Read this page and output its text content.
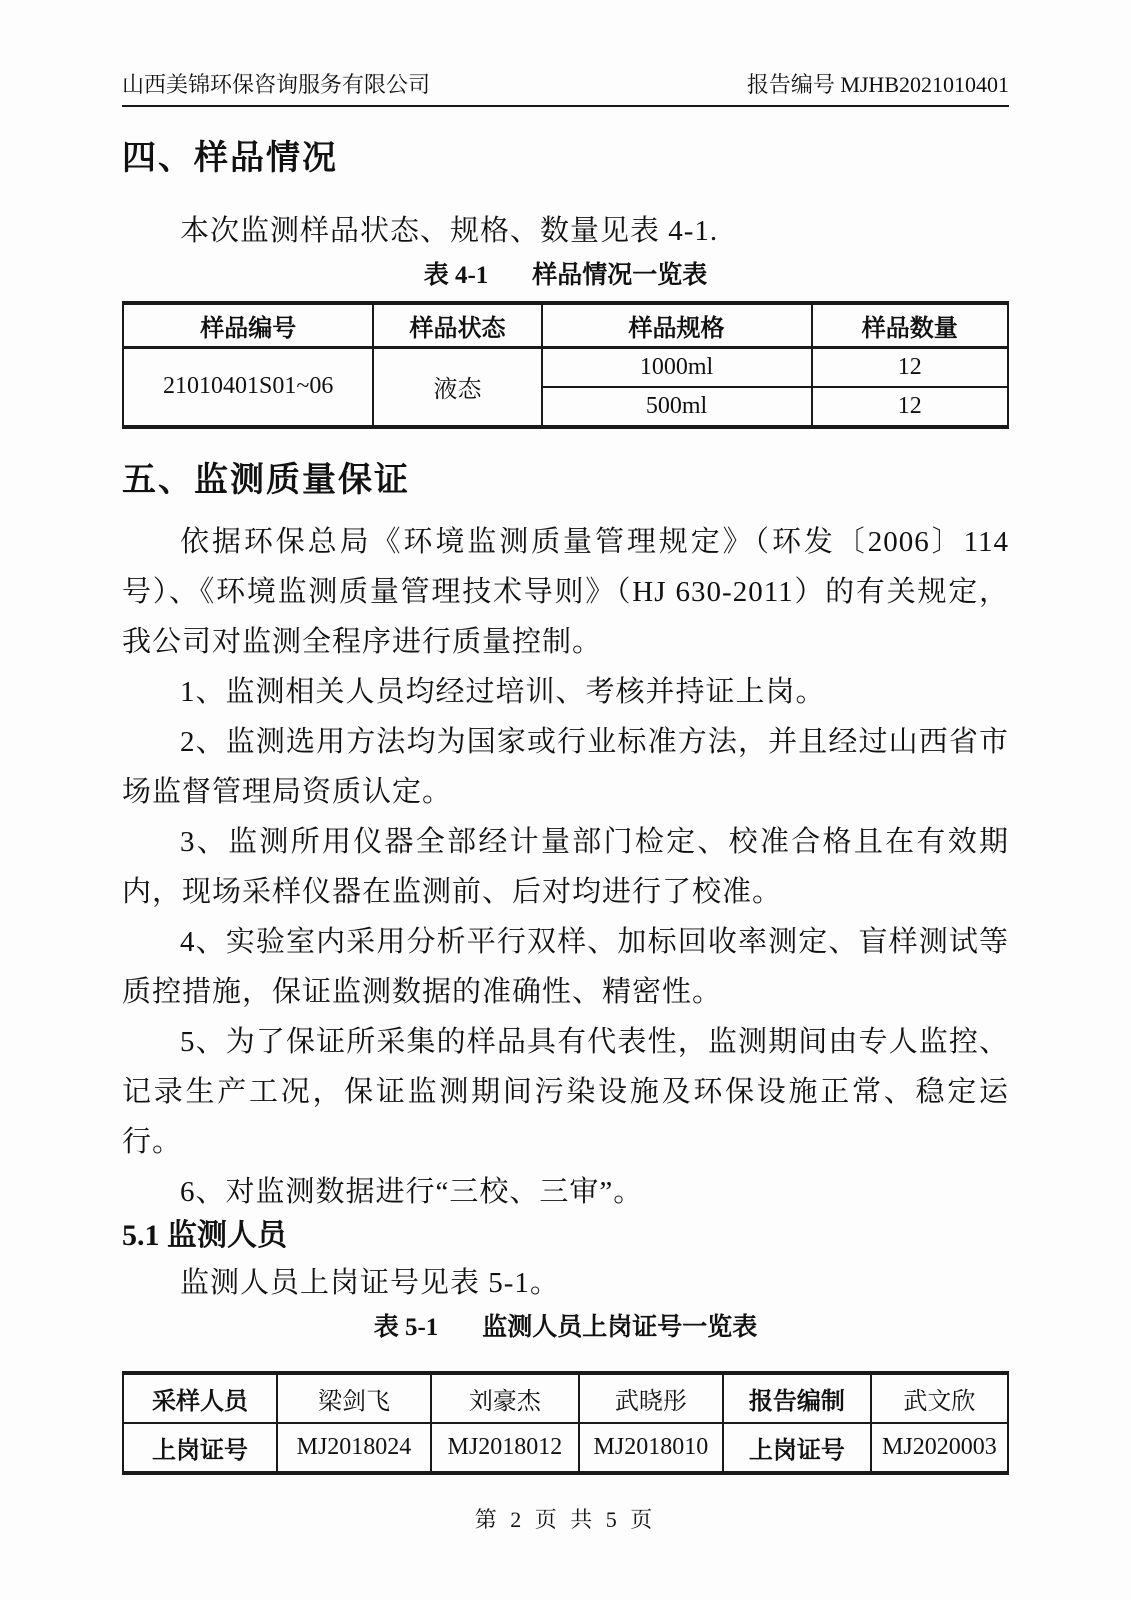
山西美锦环保咨询服务有限公司	报告编号 MJHB2021010401
四、样品情况

本次监测样品状态、规格、数量见表 4-1.

表 4-1 样品情况一览表
样品编号	样品状态	样品规格	样品数量
21010401S01~06	液态	1000ml	12
		500ml	12
五、监测质量保证

依据环保总局《环境监测质量管理规定》（环发〔2006〕114 号）、《环境监测质量管理技术导则》（HJ 630-2011）的有关规定，我公司对监测全程序进行质量控制。

1、监测相关人员均经过培训、考核并持证上岗。

2、监测选用方法均为国家或行业标准方法，并且经过山西省市场监督管理局资质认定。

3、监测所用仪器全部经计量部门检定、校准合格且在有效期内，现场采样仪器在监测前、后对均进行了校准。

4、实验室内采用分析平行双样、加标回收率测定、盲样测试等质控措施，保证监测数据的准确性、精密性。

5、为了保证所采集的样品具有代表性，监测期间由专人监控、记录生产工况，保证监测期间污染设施及环保设施正常、稳定运行。

6、对监测数据进行“三校、三审”。

5.1 监测人员

监测人员上岗证号见表 5-1。

表 5-1 监测人员上岗证号一览表
采样人员	梁剑飞	刘豪杰	武晓彤	报告编制	武文欣
上岗证号	MJ2018024	MJ2018012	MJ2018010	上岗证号	MJ2020003
第 2 页 共 5 页
